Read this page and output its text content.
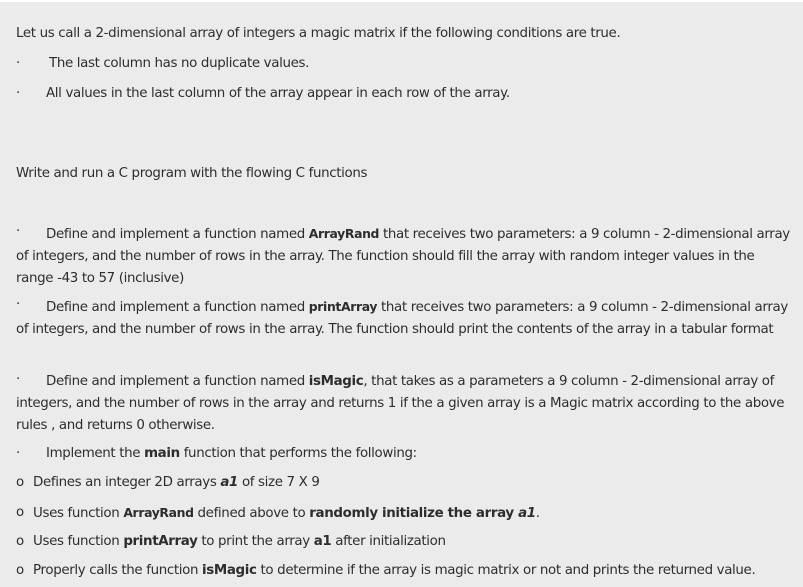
Let us call a 2-dimensional array of integers a magic matrix if the following conditions are true.
· The last column has no duplicate values.
· All values in the last column of the array appear in each row of the array.
Write and run a C program with the flowing C functions
· Define and implement a function named ArrayRand that receives two parameters: a 9 column - 2-dimensional array of integers, and the number of rows in the array. The function should fill the array with random integer values in the range -43 to 57 (inclusive)
· Define and implement a function named printArray that receives two parameters: a 9 column - 2-dimensional array of integers, and the number of rows in the array. The function should print the contents of the array in a tabular format
· Define and implement a function named isMagic, that takes as a parameters a 9 column - 2-dimensional array of integers, and the number of rows in the array and returns 1 if the a given array is a Magic matrix according to the above rules , and returns 0 otherwise.
· Implement the main function that performs the following:
o Defines an integer 2D arrays a1 of size 7 X 9
o Uses function ArrayRand defined above to randomly initialize the array a1.
o Uses function printArray to print the array a1 after initialization
o Properly calls the function isMagic to determine if the array is magic matrix or not and prints the returned value.
